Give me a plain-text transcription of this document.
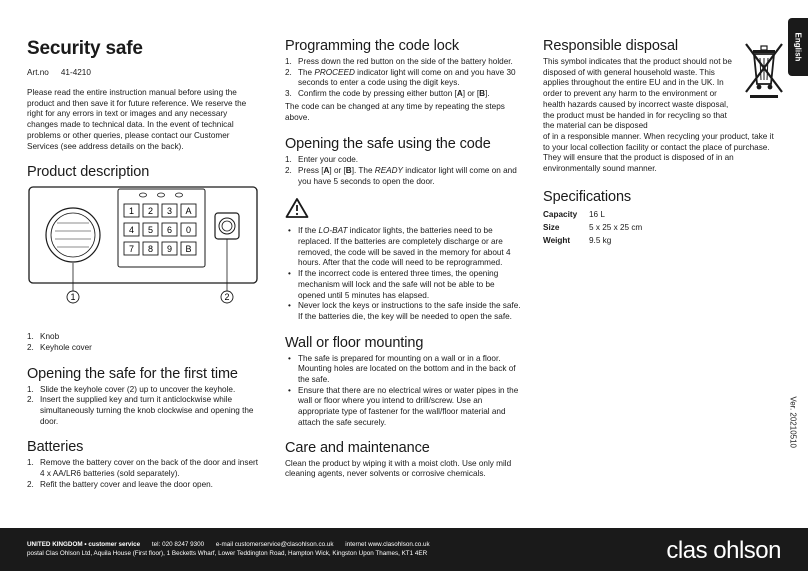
English
Security safe
Art.no 41-4210

Please read the entire instruction manual before using the product and then save it for future reference. We reserve the right for any errors in text or images and any necessary changes made to technical data. In the event of technical problems or other queries, please contact our Customer Services (see address details on the back).

Product description
1 2 3 A
4 5 6 0
7 8 9 B
1	2
1. Knob
2. Keyhole cover
Opening the safe for the first time
1. Slide the keyhole cover (2) up to uncover the keyhole.
2. Insert the supplied key and turn it anticlockwise while simultaneously turning the knob clockwise and opening the door.
Batteries
1. Remove the battery cover on the back of the door and insert 4 x AA/LR6 batteries (sold separately).
2. Refit the battery cover and leave the door open.
Programming the code lock
1. Press down the red button on the side of the battery holder.
2. The PROCEED indicator light will come on and you have 30 seconds to enter a code using the digit keys.
3. Confirm the code by pressing either button [A] or [B].

The code can be changed at any time by repeating the steps above.

Opening the safe using the code
1. Enter your code.
2. Press [A] or [B]. The READY indicator light will come on and you have 5 seconds to open the door.
• If the LO-BAT indicator lights, the batteries need to be replaced. If the batteries are completely discharge or are removed, the code will be saved in the memory for about 4 hours. After that the code will need to be reprogrammed.
• If the incorrect code is entered three times, the opening mechanism will lock and the safe will not be able to be opened until 5 minutes has elapsed.
• Never lock the keys or instructions to the safe inside the safe. If the batteries die, the key will be needed to open the safe.
Wall or floor mounting
• The safe is prepared for mounting on a wall or in a floor. Mounting holes are located on the bottom and in the back of the safe.
• Ensure that there are no electrical wires or water pipes in the wall or floor where you intend to drill/screw. Use an appropriate type of fastener for the wall/floor material and attach the safe securely.
Care and maintenance

Clean the product by wiping it with a moist cloth. Use only mild cleaning agents, never solvents or corrosive chemicals.

Responsible disposal

This symbol indicates that the product should not be disposed of with general household waste. This applies throughout the entire EU and in the UK. In order to prevent any harm to the environment or health hazards caused by incorrect waste disposal, the product must be handed in for recycling so that the material can be disposed

of in a responsible manner. When recycling your product, take it to your local collection facility or contact the place of purchase. They will ensure that the product is disposed of in an environmentally sound manner.

Specifications
Capacity	16 L
Size	5 x 25 x 25 cm
Weight	9.5 kg
Ver. 20210510
UNITED KINGDOM • customer service tel: 020 8247 9300 e-mail customerservice@clasohlson.co.uk internet www.clasohlson.co.uk
postal Clas Ohlson Ltd, Aquila House (First floor), 1 Becketts Wharf, Lower Teddington Road, Hampton Wick, Kingston Upon Thames, KT1 4ER	clas ohlson
